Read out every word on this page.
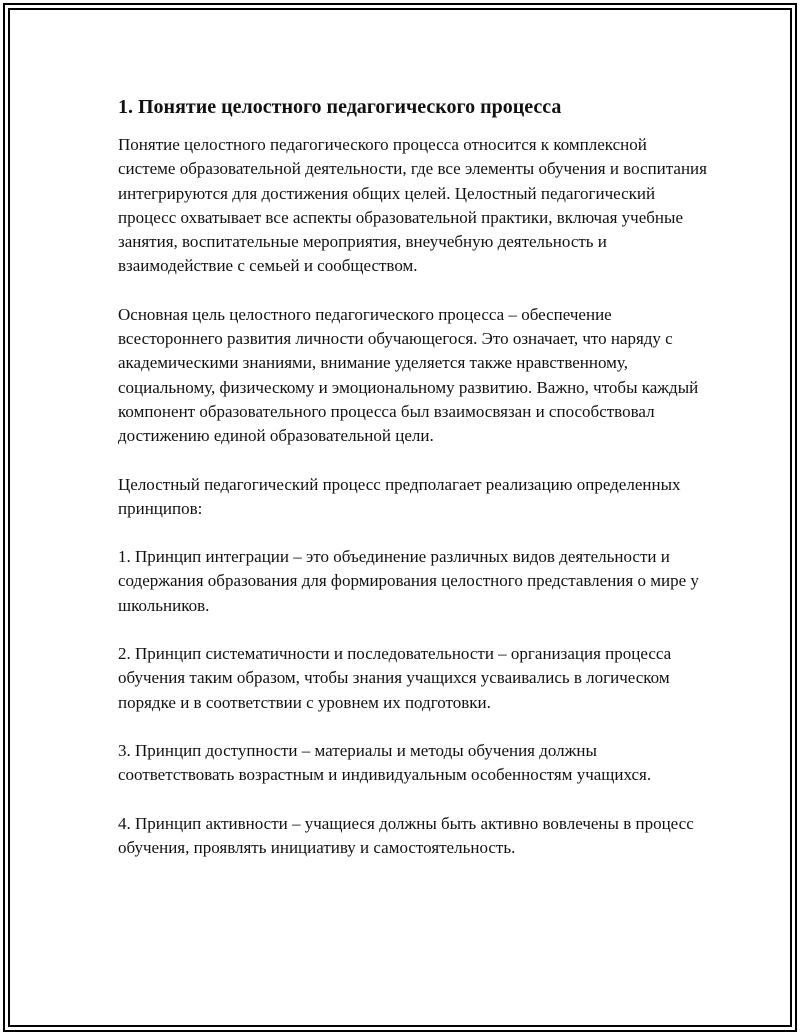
1. Понятие целостного педагогического процесса

Понятие целостного педагогического процесса относится к комплексной системе образовательной деятельности, где все элементы обучения и воспитания интегрируются для достижения общих целей. Целостный педагогический процесс охватывает все аспекты образовательной практики, включая учебные занятия, воспитательные мероприятия, внеучебную деятельность и взаимодействие с семьей и сообществом.

Основная цель целостного педагогического процесса – обеспечение всестороннего развития личности обучающегося. Это означает, что наряду с академическими знаниями, внимание уделяется также нравственному, социальному, физическому и эмоциональному развитию. Важно, чтобы каждый компонент образовательного процесса был взаимосвязан и способствовал достижению единой образовательной цели.

Целостный педагогический процесс предполагает реализацию определенных принципов:

1. Принцип интеграции – это объединение различных видов деятельности и содержания образования для формирования целостного представления о мире у школьников.

2. Принцип систематичности и последовательности – организация процесса обучения таким образом, чтобы знания учащихся усваивались в логическом порядке и в соответствии с уровнем их подготовки.

3. Принцип доступности – материалы и методы обучения должны соответствовать возрастным и индивидуальным особенностям учащихся.

4. Принцип активности – учащиеся должны быть активно вовлечены в процесс обучения, проявлять инициативу и самостоятельность.
